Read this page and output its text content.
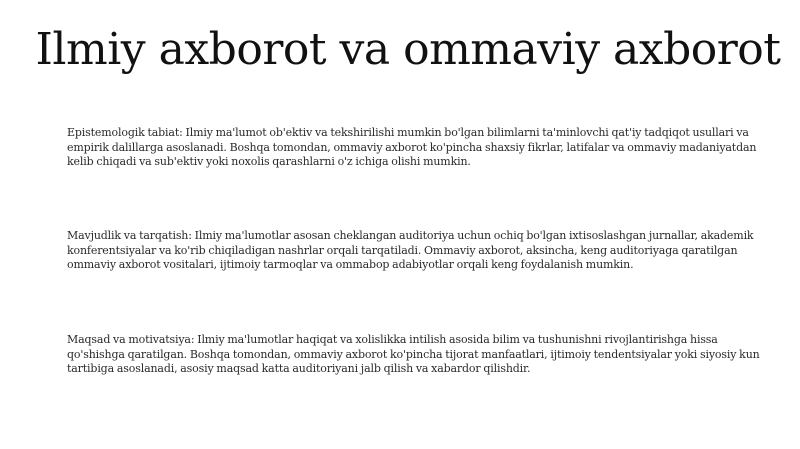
Ilmiy axborot va ommaviy axborot

Epistemologik tabiat: Ilmiy ma'lumot ob'ektiv va tekshirilishi mumkin bo'lgan bilimlarni ta'minlovchi qat'iy tadqiqot usullari va empirik dalillarga asoslanadi. Boshqa tomondan, ommaviy axborot ko'pincha shaxsiy fikrlar, latifalar va ommaviy madaniyatdan kelib chiqadi va sub'ektiv yoki noxolis qarashlarni o'z ichiga olishi mumkin.

Mavjudlik va tarqatish: Ilmiy ma'lumotlar asosan cheklangan auditoriya uchun ochiq bo'lgan ixtisoslashgan jurnallar, akademik konferentsiyalar va ko'rib chiqiladigan nashrlar orqali tarqatiladi. Ommaviy axborot, aksincha, keng auditoriyaga qaratilgan ommaviy axborot vositalari, ijtimoiy tarmoqlar va ommabop adabiyotlar orqali keng foydalanish mumkin.

Maqsad va motivatsiya: Ilmiy ma'lumotlar haqiqat va xolislikka intilish asosida bilim va tushunishni rivojlantirishga hissa qo'shishga qaratilgan. Boshqa tomondan, ommaviy axborot ko'pincha tijorat manfaatlari, ijtimoiy tendentsiyalar yoki siyosiy kun tartibiga asoslanadi, asosiy maqsad katta auditoriyani jalb qilish va xabardor qilishdir.
